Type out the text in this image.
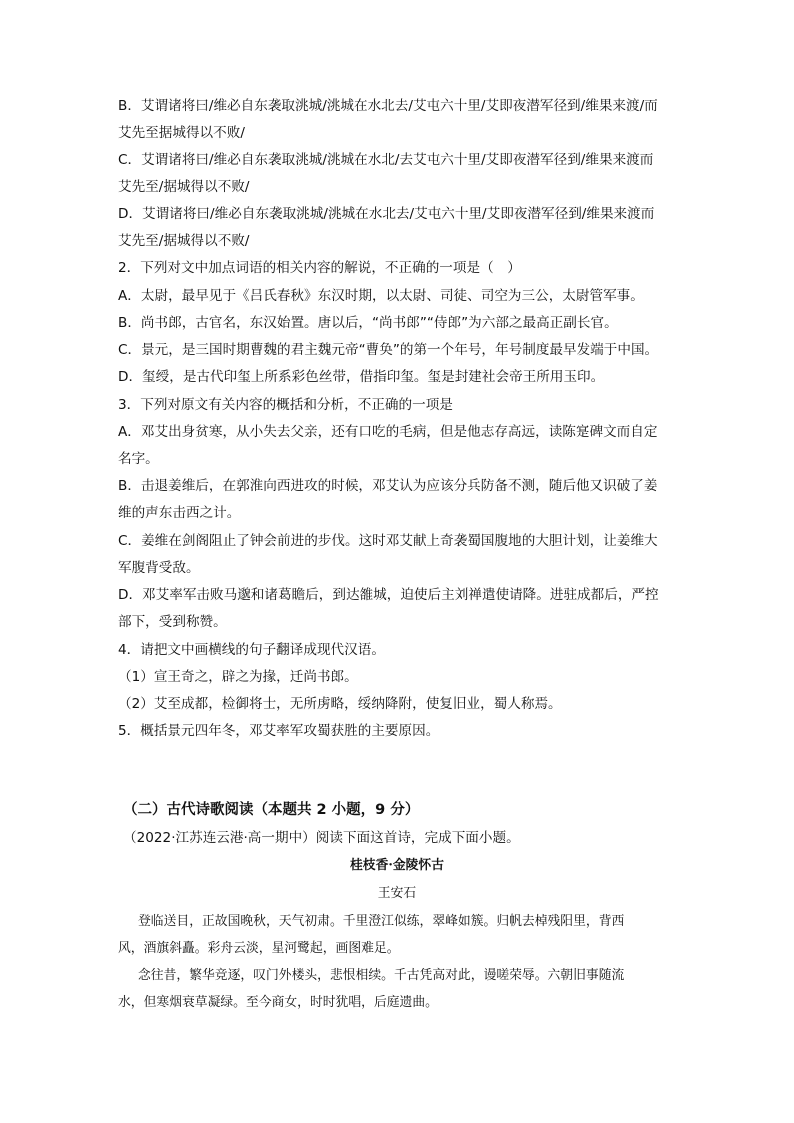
B．艾谓诸将曰/维必自东袭取洮城/洮城在水北去/艾屯六十里/艾即夜潜军径到/维果来渡/而
艾先至据城得以不败/
C．艾谓诸将曰/维必自东袭取洮城/洮城在水北/去艾屯六十里/艾即夜潜军径到/维果来渡而
艾先至/据城得以不败/
D．艾谓诸将曰/维必自东袭取洮城/洮城在水北去/艾屯六十里/艾即夜潜军径到/维果来渡而
艾先至/据城得以不败/
2．下列对文中加点词语的相关内容的解说，不正确的一项是（　）
A．太尉，最早见于《吕氏春秋》东汉时期，以太尉、司徒、司空为三公，太尉管军事。
B．尚书郎，古官名，东汉始置。唐以后，“尚书郎”“侍郎”为六部之最高正副长官。
C．景元，是三国时期曹魏的君主魏元帝“曹奂”的第一个年号，年号制度最早发端于中国。
D．玺绶，是古代印玺上所系彩色丝带，借指印玺。玺是封建社会帝王所用玉印。
3．下列对原文有关内容的概括和分析，不正确的一项是
A．邓艾出身贫寒，从小失去父亲，还有口吃的毛病，但是他志存高远，读陈寔碑文而自定
名字。
B．击退姜维后，在郭淮向西进攻的时候，邓艾认为应该分兵防备不测，随后他又识破了姜
维的声东击西之计。
C．姜维在剑阁阻止了钟会前进的步伐。这时邓艾献上奇袭蜀国腹地的大胆计划，让姜维大
军腹背受敌。
D．邓艾率军击败马邈和诸葛瞻后，到达雒城，迫使后主刘禅遣使请降。进驻成都后，严控
部下，受到称赞。
4．请把文中画横线的句子翻译成现代汉语。
（1）宣王奇之，辟之为掾，迁尚书郎。
（2）艾至成都，检御将士，无所虏略，绥纳降附，使复旧业，蜀人称焉。
5．概括景元四年冬，邓艾率军攻蜀获胜的主要原因。
（二）古代诗歌阅读（本题共 2 小题，9 分）
（2022·江苏连云港·高一期中）阅读下面这首诗，完成下面小题。
桂枝香·金陵怀古
王安石
登临送目，正故国晚秋，天气初肃。千里澄江似练，翠峰如簇。归帆去棹残阳里，背西
风，酒旗斜矗。彩舟云淡，星河鹭起，画图难足。
念往昔，繁华竞逐，叹门外楼头，悲恨相续。千古凭高对此，谩嗟荣辱。六朝旧事随流
水，但寒烟衰草凝绿。至今商女，时时犹唱，后庭遗曲。
